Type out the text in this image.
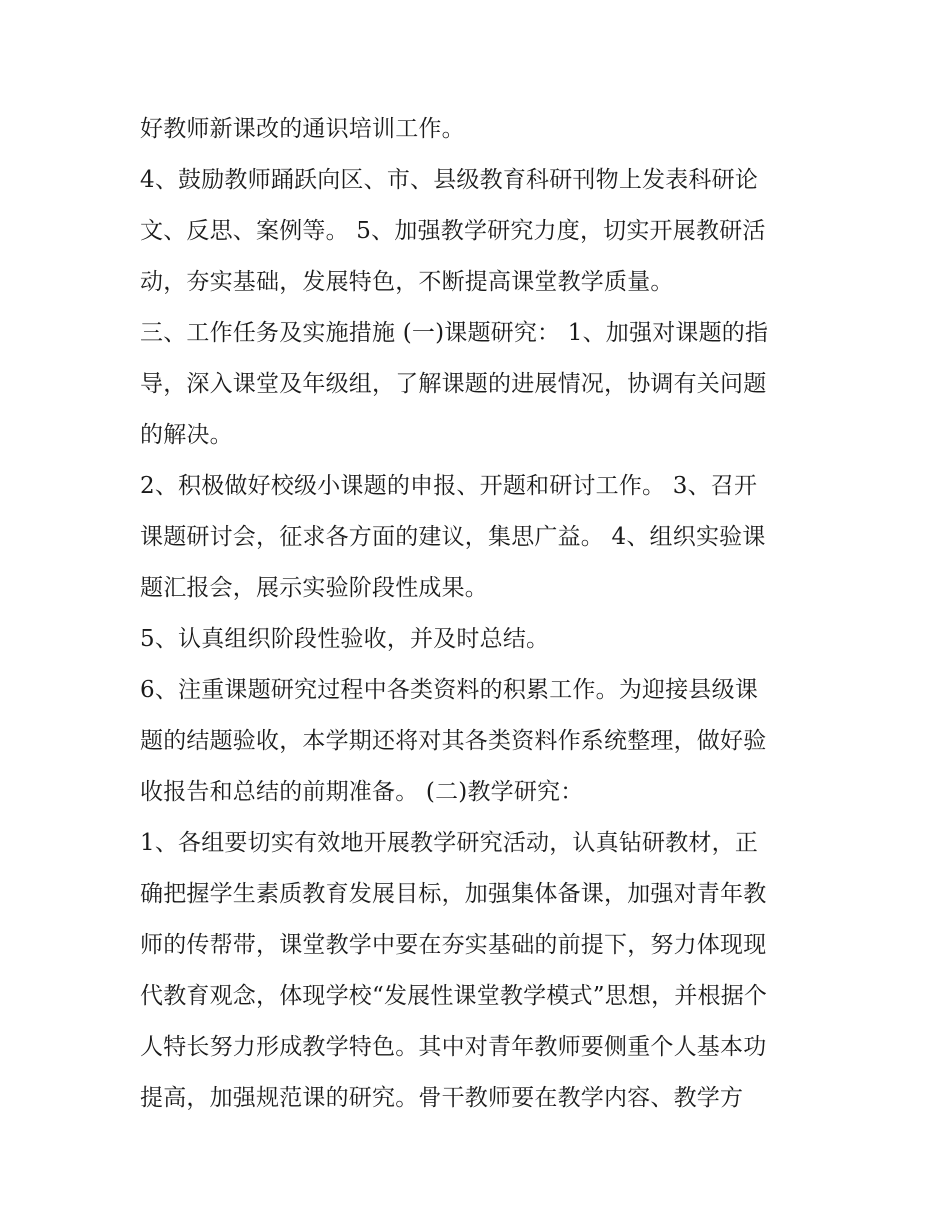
好教师新课改的通识培训工作。
4、鼓励教师踊跃向区、市、县级教育科研刊物上发表科研论
文、反思、案例等。 5、加强教学研究力度，切实开展教研活
动，夯实基础，发展特色，不断提高课堂教学质量。
三、工作任务及实施措施 (一)课题研究： 1、加强对课题的指
导，深入课堂及年级组，了解课题的进展情况，协调有关问题
的解决。
2、积极做好校级小课题的申报、开题和研讨工作。 3、召开
课题研讨会，征求各方面的建议，集思广益。 4、组织实验课
题汇报会，展示实验阶段性成果。
5、认真组织阶段性验收，并及时总结。
6、注重课题研究过程中各类资料的积累工作。为迎接县级课
题的结题验收，本学期还将对其各类资料作系统整理，做好验
收报告和总结的前期准备。 (二)教学研究：
1、各组要切实有效地开展教学研究活动，认真钻研教材，正
确把握学生素质教育发展目标，加强集体备课，加强对青年教
师的传帮带，课堂教学中要在夯实基础的前提下，努力体现现
代教育观念，体现学校“发展性课堂教学模式”思想，并根据个
人特长努力形成教学特色。其中对青年教师要侧重个人基本功
提高，加强规范课的研究。骨干教师要在教学内容、教学方
